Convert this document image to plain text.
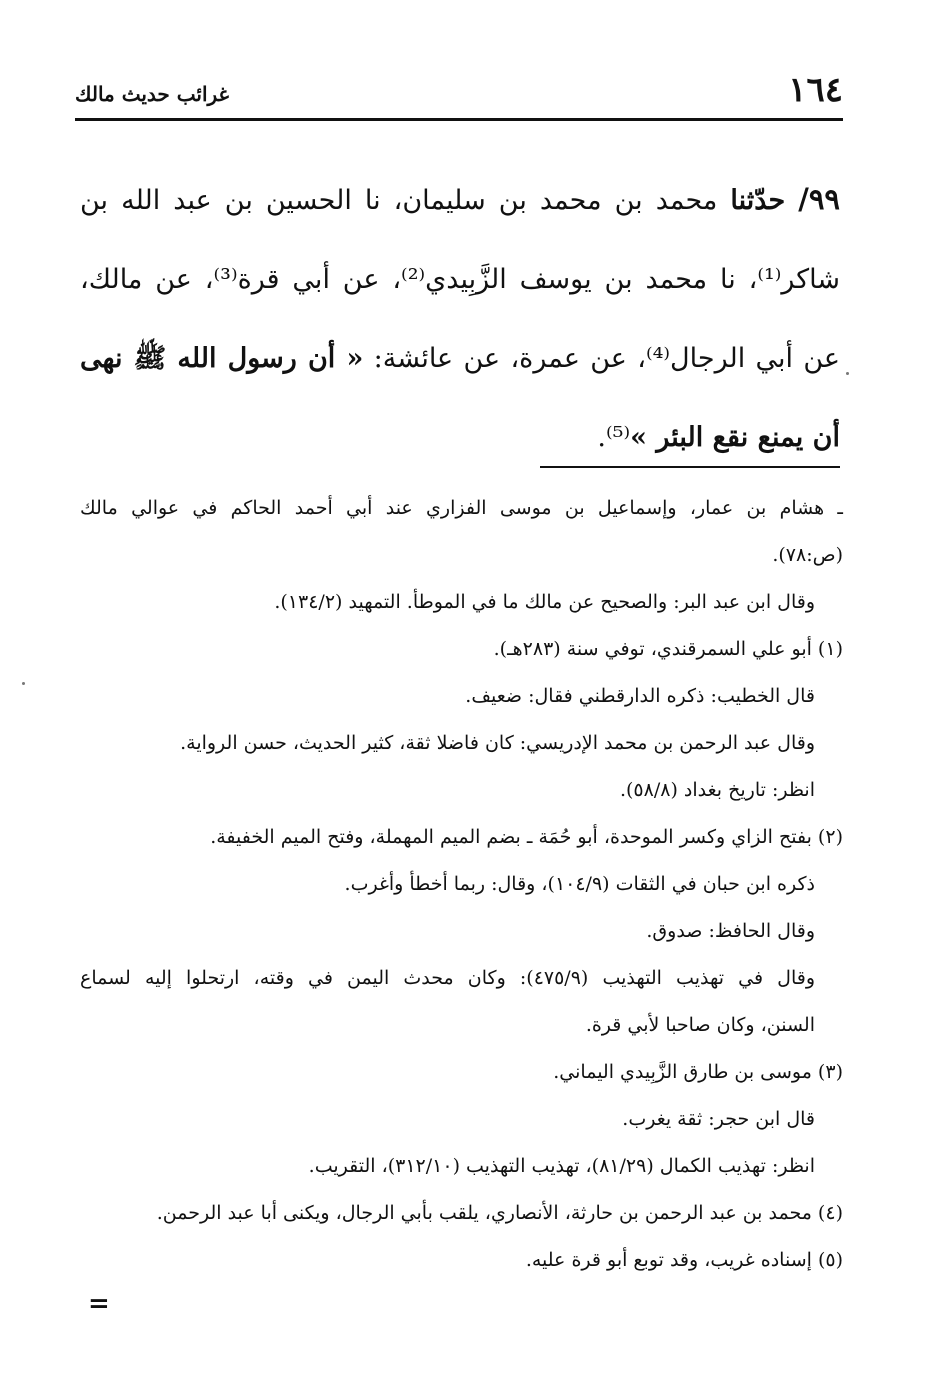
١٦٤
غرائب حديث مالك
٩٩/ حدّثنا محمد بن محمد بن سليمان، نا الحسين بن عبد الله بن شاكر⁽¹⁾، نا محمد بن يوسف الزَّبِيدي⁽²⁾، عن أبي قرة⁽³⁾، عن مالك، عن أبي الرجال⁽⁴⁾، عن عمرة، عن عائشة: « أن رسول الله ﷺ نهى أن يمنع نقع البئر »⁽⁵⁾.

ـ هشام بن عمار، وإسماعيل بن موسى الفزاري عند أبي أحمد الحاكم في عوالي مالك

(ص:٧٨).

وقال ابن عبد البر: والصحيح عن مالك ما في الموطأ. التمهيد (١٣٤/٢).

(١) أبو علي السمرقندي، توفي سنة (٢٨٣هـ).

قال الخطيب: ذكره الدارقطني فقال: ضعيف.

وقال عبد الرحمن بن محمد الإدريسي: كان فاضلا ثقة، كثير الحديث، حسن الرواية.

انظر: تاريخ بغداد (٥٨/٨).

(٢) بفتح الزاي وكسر الموحدة، أبو حُمَة ـ بضم الميم المهملة، وفتح الميم الخفيفة.

ذكره ابن حبان في الثقات (١٠٤/٩)، وقال: ربما أخطأ وأغرب.

وقال الحافظ: صدوق.

وقال في تهذيب التهذيب (٤٧٥/٩): وكان محدث اليمن في وقته، ارتحلوا إليه لسماع

السنن، وكان صاحبا لأبي قرة.

(٣) موسى بن طارق الزَّبِيدي اليماني.

قال ابن حجر: ثقة يغرب.

انظر: تهذيب الكمال (٨١/٢٩)، تهذيب التهذيب (٣١٢/١٠)، التقريب.

(٤) محمد بن عبد الرحمن بن حارثة، الأنصاري، يلقب بأبي الرجال، ويكنى أبا عبد الرحمن.

(٥) إسناده غريب، وقد توبع أبو قرة عليه.

=
